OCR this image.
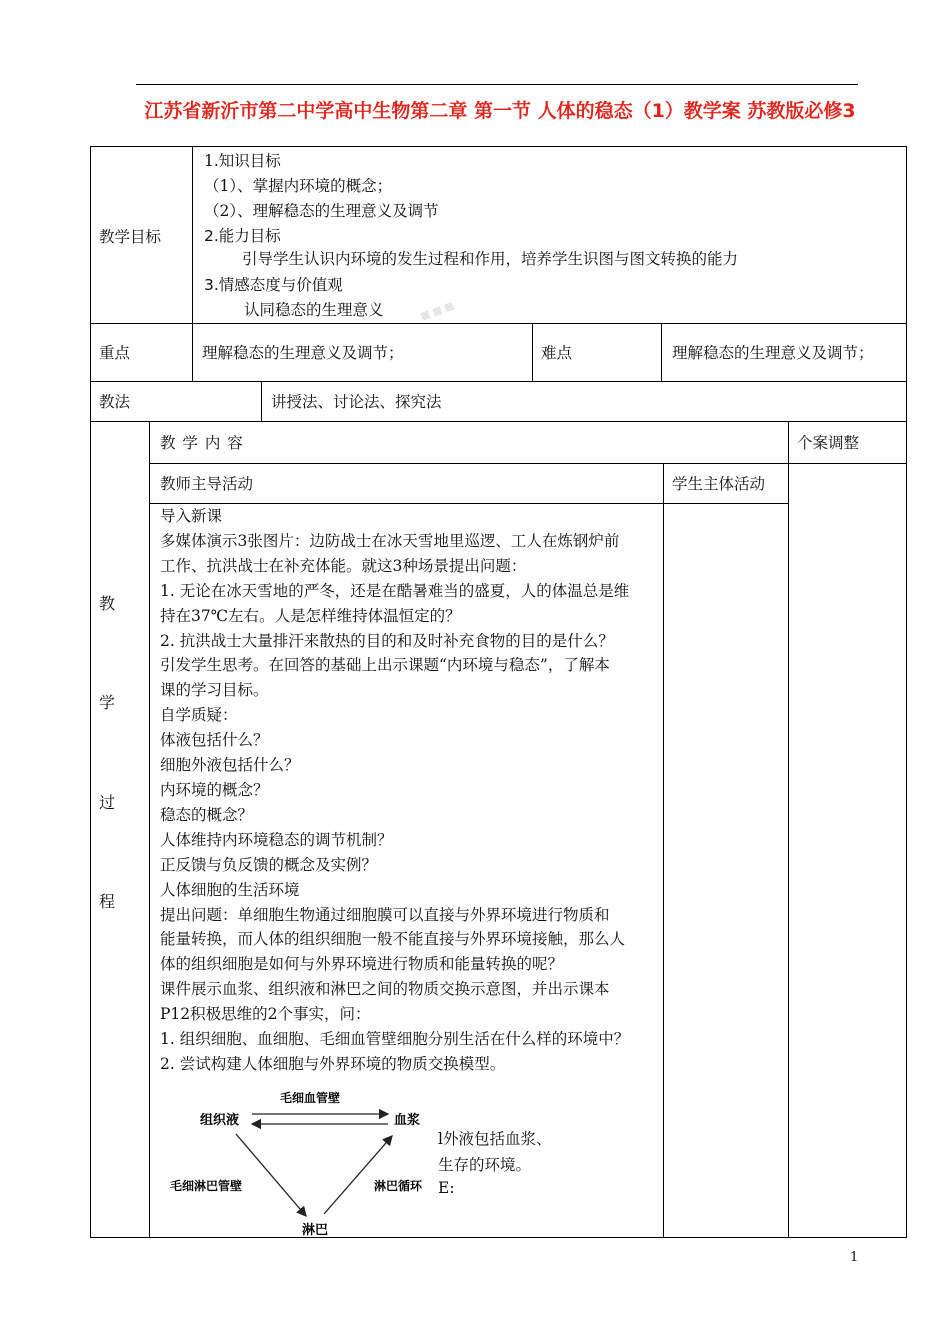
江苏省新沂市第二中学高中生物第二章 第一节 人体的稳态（1）教学案 苏教版必修3
教学目标
1.知识目标
（1）、掌握内环境的概念；
（2）、理解稳态的生理意义及调节
2.能力目标
引导学生认识内环境的发生过程和作用，培养学生识图与图文转换的能力
3.情感态度与价值观
认同稳态的生理意义	▦ ▦ ▦
重点	理解稳态的生理意义及调节；	难点	理解稳态的生理意义及调节；
教法	讲授法、讨论法、探究法
教
学
过
程
教 学 内 容	个案调整
教师主导活动	学生主体活动

导入新课

多媒体演示3张图片：边防战士在冰天雪地里巡逻、工人在炼钢炉前

工作、抗洪战士在补充体能。就这3种场景提出问题：

1. 无论在冰天雪地的严冬，还是在酷暑难当的盛夏，人的体温总是维

持在37℃左右。人是怎样维持体温恒定的？

2. 抗洪战士大量排汗来散热的目的和及时补充食物的目的是什么？

引发学生思考。在回答的基础上出示课题“内环境与稳态”，了解本

课的学习目标。

自学质疑：

体液包括什么？

细胞外液包括什么？

内环境的概念？

稳态的概念？

人体维持内环境稳态的调节机制？

正反馈与负反馈的概念及实例？

人体细胞的生活环境

提出问题：单细胞生物通过细胞膜可以直接与外界环境进行物质和

能量转换，而人体的组织细胞一般不能直接与外界环境接触，那么人

体的组织细胞是如何与外界环境进行物质和能量转换的呢？

课件展示血浆、组织液和淋巴之间的物质交换示意图，并出示课本

P12积极思维的2个事实，问：

1. 组织细胞、血细胞、毛细血管壁细胞分别生活在什么样的环境中？

2. 尝试构建人体细胞与外界环境的物质交换模型。

组织液	血浆
淋巴
毛细血管壁
毛细淋巴管壁	淋巴循环
l外液包括血浆、
生存的环境。
E:
1
